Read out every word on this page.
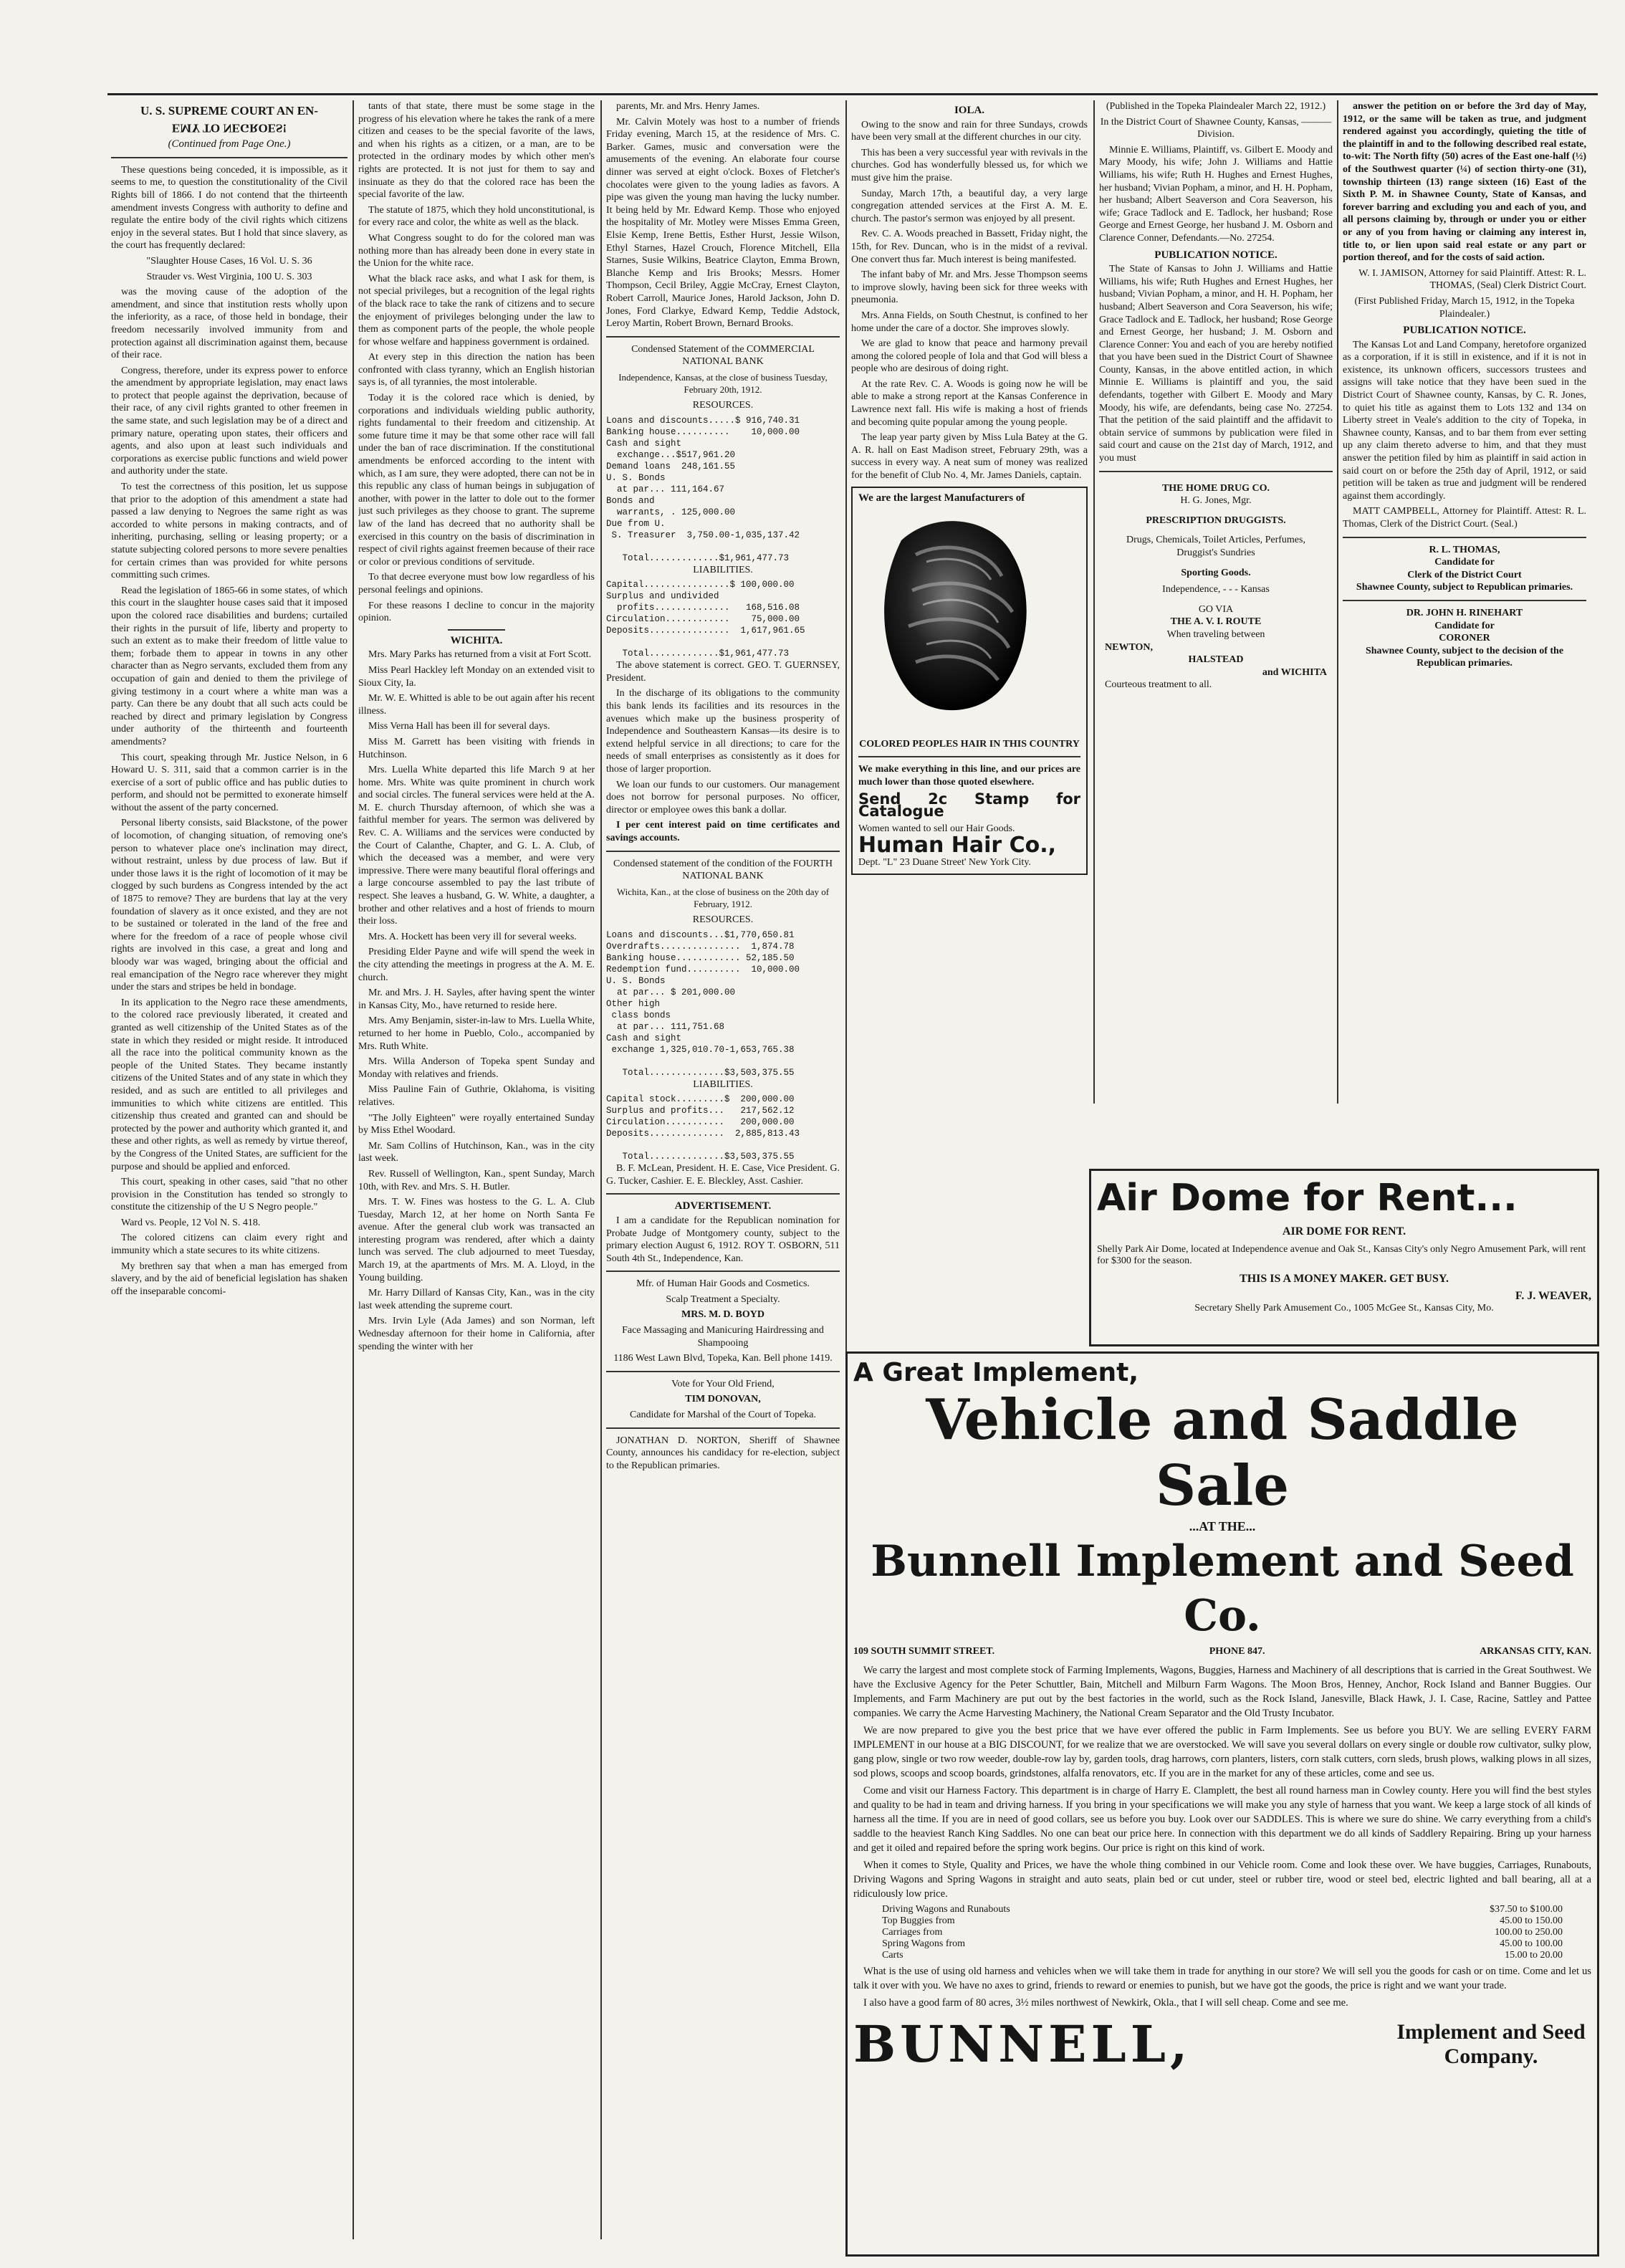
U. S. SUPREME COURT AN EN-
EMY TO NEGROES!
(Continued from Page One.)

These questions being conceded, it is impossible, as it seems to me, to question the constitutionality of the Civil Rights bill of 1866. I do not contend that the thirteenth amendment invests Congress with authority to define and regulate the entire body of the civil rights which citizens enjoy in the several states. But I hold that since slavery, as the court has frequently declared:

"Slaughter House Cases, 16 Vol. U. S. 36

Strauder vs. West Virginia, 100 U. S. 303

was the moving cause of the adoption of the amendment, and since that institution rests wholly upon the inferiority, as a race, of those held in bondage, their freedom necessarily involved immunity from and protection against all discrimination against them, because of their race.

Congress, therefore, under its express power to enforce the amendment by appropriate legislation, may enact laws to protect that people against the deprivation, because of their race, of any civil rights granted to other freemen in the same state, and such legislation may be of a direct and primary nature, operating upon states, their officers and agents, and also upon at least such individuals and corporations as exercise public functions and wield power and authority under the state.

To test the correctness of this position, let us suppose that prior to the adoption of this amendment a state had passed a law denying to Negroes the same right as was accorded to white persons in making contracts, and of inheriting, purchasing, selling or leasing property; or a statute subjecting colored persons to more severe penalties for certain crimes than was provided for white persons committing such crimes.

Read the legislation of 1865-66 in some states, of which this court in the slaughter house cases said that it imposed upon the colored race disabilities and burdens; curtailed their rights in the pursuit of life, liberty and property to such an extent as to make their freedom of little value to them; forbade them to appear in towns in any other character than as Negro servants, excluded them from any occupation of gain and denied to them the privilege of giving testimony in a court where a white man was a party. Can there be any doubt that all such acts could be reached by direct and primary legislation by Congress under authority of the thirteenth and fourteenth amendments?

This court, speaking through Mr. Justice Nelson, in 6 Howard U. S. 311, said that a common carrier is in the exercise of a sort of public office and has public duties to perform, and should not be permitted to exonerate himself without the assent of the party concerned.

Personal liberty consists, said Blackstone, of the power of locomotion, of changing situation, of removing one's person to whatever place one's inclination may direct, without restraint, unless by due process of law. But if under those laws it is the right of locomotion of it may be clogged by such burdens as Congress intended by the act of 1875 to remove? They are burdens that lay at the very foundation of slavery as it once existed, and they are not to be sustained or tolerated in the land of the free and where for the freedom of a race of people whose civil rights are involved in this case, a great and long and bloody war was waged, bringing about the official and real emancipation of the Negro race wherever they might under the stars and stripes be held in bondage.

In its application to the Negro race these amendments, to the colored race previously liberated, it created and granted as well citizenship of the United States as of the state in which they resided or might reside. It introduced all the race into the political community known as the people of the United States. They became instantly citizens of the United States and of any state in which they resided, and as such are entitled to all privileges and immunities to which white citizens are entitled. This citizenship thus created and granted can and should be protected by the power and authority which granted it, and these and other rights, as well as remedy by virtue thereof, by the Congress of the United States, are sufficient for the purpose and should be applied and enforced.

This court, speaking in other cases, said "that no other provision in the Constitution has tended so strongly to constitute the citizenship of the U S Negro people."

Ward vs. People, 12 Vol N. S. 418.

The colored citizens can claim every right and immunity which a state secures to its white citizens.

My brethren say that when a man has emerged from slavery, and by the aid of beneficial legislation has shaken off the inseparable concomi-

tants of that state, there must be some stage in the progress of his elevation where he takes the rank of a mere citizen and ceases to be the special favorite of the laws, and when his rights as a citizen, or a man, are to be protected in the ordinary modes by which other men's rights are protected. It is not just for them to say and insinuate as they do that the colored race has been the special favorite of the law.

The statute of 1875, which they hold unconstitutional, is for every race and color, the white as well as the black.

What Congress sought to do for the colored man was nothing more than has already been done in every state in the Union for the white race.

What the black race asks, and what I ask for them, is not special privileges, but a recognition of the legal rights of the black race to take the rank of citizens and to secure the enjoyment of privileges belonging under the law to them as component parts of the people, the whole people for whose welfare and happiness government is ordained.

At every step in this direction the nation has been confronted with class tyranny, which an English historian says is, of all tyrannies, the most intolerable.

Today it is the colored race which is denied, by corporations and individuals wielding public authority, rights fundamental to their freedom and citizenship. At some future time it may be that some other race will fall under the ban of race discrimination. If the constitutional amendments be enforced according to the intent with which, as I am sure, they were adopted, there can not be in this republic any class of human beings in subjugation of another, with power in the latter to dole out to the former just such privileges as they choose to grant. The supreme law of the land has decreed that no authority shall be exercised in this country on the basis of discrimination in respect of civil rights against freemen because of their race or color or previous conditions of servitude.

To that decree everyone must bow low regardless of his personal feelings and opinions.

For these reasons I decline to concur in the majority opinion.

WICHITA.

Mrs. Mary Parks has returned from a visit at Fort Scott.

Miss Pearl Hackley left Monday on an extended visit to Sioux City, Ia.

Mr. W. E. Whitted is able to be out again after his recent illness.

Miss Verna Hall has been ill for several days.

Miss M. Garrett has been visiting with friends in Hutchinson.

Mrs. Luella White departed this life March 9 at her home. Mrs. White was quite prominent in church work and social circles. The funeral services were held at the A. M. E. church Thursday afternoon, of which she was a faithful member for years. The sermon was delivered by Rev. C. A. Williams and the services were conducted by the Court of Calanthe, Chapter, and G. L. A. Club, of which the deceased was a member, and were very impressive. There were many beautiful floral offerings and a large concourse assembled to pay the last tribute of respect. She leaves a husband, G. W. White, a daughter, a brother and other relatives and a host of friends to mourn their loss.

Mrs. A. Hockett has been very ill for several weeks.

Presiding Elder Payne and wife will spend the week in the city attending the meetings in progress at the A. M. E. church.

Mr. and Mrs. J. H. Sayles, after having spent the winter in Kansas City, Mo., have returned to reside here.

Mrs. Amy Benjamin, sister-in-law to Mrs. Luella White, returned to her home in Pueblo, Colo., accompanied by Mrs. Ruth White.

Mrs. Willa Anderson of Topeka spent Sunday and Monday with relatives and friends.

Miss Pauline Fain of Guthrie, Oklahoma, is visiting relatives.

"The Jolly Eighteen" were royally entertained Sunday by Miss Ethel Woodard.

Mr. Sam Collins of Hutchinson, Kan., was in the city last week.

Rev. Russell of Wellington, Kan., spent Sunday, March 10th, with Rev. and Mrs. S. H. Butler.

Mrs. T. W. Fines was hostess to the G. L. A. Club Tuesday, March 12, at her home on North Santa Fe avenue. After the general club work was transacted an interesting program was rendered, after which a dainty lunch was served. The club adjourned to meet Tuesday, March 19, at the apartments of Mrs. M. A. Lloyd, in the Young building.

Mr. Harry Dillard of Kansas City, Kan., was in the city last week attending the supreme court.

Mrs. Irvin Lyle (Ada James) and son Norman, left Wednesday afternoon for their home in California, after spending the winter with her

parents, Mr. and Mrs. Henry James.

Mr. Calvin Motely was host to a number of friends Friday evening, March 15, at the residence of Mrs. C. Barker. Games, music and conversation were the amusements of the evening. An elaborate four course dinner was served at eight o'clock. Boxes of Fletcher's chocolates were given to the young ladies as favors. A pipe was given the young man having the lucky number. It being held by Mr. Edward Kemp. Those who enjoyed the hospitality of Mr. Motley were Misses Emma Green, Elsie Kemp, Irene Bettis, Esther Hurst, Jessie Wilson, Ethyl Starnes, Hazel Crouch, Florence Mitchell, Ella Starnes, Susie Wilkins, Beatrice Clayton, Emma Brown, Blanche Kemp and Iris Brooks; Messrs. Homer Thompson, Cecil Briley, Aggie McCray, Ernest Clayton, Robert Carroll, Maurice Jones, Harold Jackson, John D. Jones, Ford Clarkye, Edward Kemp, Teddie Adstock, Leroy Martin, Robert Brown, Bernard Brooks.

Condensed Statement of the COMMERCIAL NATIONAL BANK

Independence, Kansas, at the close of business Tuesday, February 20th, 1912.

RESOURCES.

Loans and discounts.....$ 916,740.31
Banking house..........    10,000.00
Cash and sight
exchange...$517,961.20
Demand loans  248,161.55
U. S. Bonds
at par... 111,164.67
Bonds and
warrants, . 125,000.00
Due from U.
S. Treasurer  3,750.00-1,035,137.42

Total.............$1,961,477.73

LIABILITIES.

Capital................$ 100,000.00
Surplus and undivided
profits..............   168,516.08
Circulation............    75,000.00
Deposits...............  1,617,961.65

Total.............$1,961,477.73

The above statement is correct. GEO. T. GUERNSEY, President.

In the discharge of its obligations to the community this bank lends its facilities and its resources in the avenues which make up the business prosperity of Independence and Southeastern Kansas—its desire is to extend helpful service in all directions; to care for the needs of small enterprises as consistently as it does for those of larger proportion.

We loan our funds to our customers. Our management does not borrow for personal purposes. No officer, director or employee owes this bank a dollar.

I per cent interest paid on time certificates and savings accounts.

Condensed statement of the condition of the FOURTH NATIONAL BANK

Wichita, Kan., at the close of business on the 20th day of February, 1912.

RESOURCES.

Loans and discounts...$1,770,650.81
Overdrafts...............  1,874.78
Banking house............ 52,185.50
Redemption fund..........  10,000.00
U. S. Bonds
at par... $ 201,000.00
Other high
class bonds
at par... 111,751.68
Cash and sight
exchange 1,325,010.70-1,653,765.38

Total..............$3,503,375.55

LIABILITIES.

Capital stock.........$  200,000.00
Surplus and profits...   217,562.12
Circulation...........   200,000.00
Deposits..............  2,885,813.43

Total..............$3,503,375.55

B. F. McLean, President. H. E. Case, Vice President. G. G. Tucker, Cashier. E. E. Bleckley, Asst. Cashier.

ADVERTISEMENT.

I am a candidate for the Republican nomination for Probate Judge of Montgomery county, subject to the primary election August 6, 1912. ROY T. OSBORN, 511 South 4th St., Independence, Kan.

Mfr. of Human Hair Goods and Cosmetics.

Scalp Treatment a Specialty.

MRS. M. D. BOYD

Face Massaging and Manicuring Hairdressing and Shampooing

1186 West Lawn Blvd, Topeka, Kan. Bell phone 1419.

Vote for Your Old Friend,

TIM DONOVAN,

Candidate for Marshal of the Court of Topeka.

JONATHAN D. NORTON, Sheriff of Shawnee County, announces his candidacy for re-election, subject to the Republican primaries.

IOLA.

Owing to the snow and rain for three Sundays, crowds have been very small at the different churches in our city.

This has been a very successful year with revivals in the churches. God has wonderfully blessed us, for which we must give him the praise.

Sunday, March 17th, a beautiful day, a very large congregation attended services at the First A. M. E. church. The pastor's sermon was enjoyed by all present.

Rev. C. A. Woods preached in Bassett, Friday night, the 15th, for Rev. Duncan, who is in the midst of a revival. One convert thus far. Much interest is being manifested.

The infant baby of Mr. and Mrs. Jesse Thompson seems to improve slowly, having been sick for three weeks with pneumonia.

Mrs. Anna Fields, on South Chestnut, is confined to her home under the care of a doctor. She improves slowly.

We are glad to know that peace and harmony prevail among the colored people of Iola and that God will bless a people who are desirous of doing right.

At the rate Rev. C. A. Woods is going now he will be able to make a strong report at the Kansas Conference in Lawrence next fall. His wife is making a host of friends and becoming quite popular among the young people.

The leap year party given by Miss Lula Batey at the G. A. R. hall on East Madison street, February 29th, was a success in every way. A neat sum of money was realized for the benefit of Club No. 4, Mr. James Daniels, captain.

We are the largest Manufacturers of
COLORED PEOPLES HAIR IN THIS COUNTRY
We make everything in this line, and our prices are much lower than those quoted elsewhere.
Send 2c Stamp for Catalogue
Women wanted to sell our Hair Goods.
Human Hair Co.,
Dept. "L" 23 Duane Street' New York City.

(Published in the Topeka Plaindealer March 22, 1912.)

In the District Court of Shawnee County, Kansas, ——— Division.

Minnie E. Williams, Plaintiff, vs. Gilbert E. Moody and Mary Moody, his wife; John J. Williams and Hattie Williams, his wife; Ruth H. Hughes and Ernest Hughes, her husband; Vivian Popham, a minor, and H. H. Popham, her husband; Albert Seaverson and Cora Seaverson, his wife; Grace Tadlock and E. Tadlock, her husband; Rose George and Ernest George, her husband J. M. Osborn and Clarence Conner, Defendants.—No. 27254.

PUBLICATION NOTICE.

The State of Kansas to John J. Williams and Hattie Williams, his wife; Ruth Hughes and Ernest Hughes, her husband; Vivian Popham, a minor, and H. H. Popham, her husband; Albert Seaverson and Cora Seaverson, his wife; Grace Tadlock and E. Tadlock, her husband; Rose George and Ernest George, her husband; J. M. Osborn and Clarence Conner: You and each of you are hereby notified that you have been sued in the District Court of Shawnee County, Kansas, in the above entitled action, in which Minnie E. Williams is plaintiff and you, the said defendants, together with Gilbert E. Moody and Mary Moody, his wife, are defendants, being case No. 27254. That the petition of the said plaintiff and the affidavit to obtain service of summons by publication were filed in said court and cause on the 21st day of March, 1912, and you must

THE HOME DRUG CO.
H. G. Jones, Mgr.
PRESCRIPTION DRUGGISTS.
Drugs, Chemicals, Toilet Articles, Perfumes, Druggist's Sundries
Sporting Goods.
Independence, - - - Kansas
GO VIA
THE A. V. I. ROUTE
When traveling between
NEWTON,
HALSTEAD
and WICHITA
Courteous treatment to all.

answer the petition on or before the 3rd day of May, 1912, or the same will be taken as true, and judgment rendered against you accordingly, quieting the title of the plaintiff in and to the following described real estate, to-wit: The North fifty (50) acres of the East one-half (½) of the Southwest quarter (¼) of section thirty-one (31), township thirteen (13) range sixteen (16) East of the Sixth P. M. in Shawnee County, State of Kansas, and forever barring and excluding you and each of you, and all persons claiming by, through or under you or either or any of you from having or claiming any interest in, title to, or lien upon said real estate or any part or portion thereof, and for the costs of said action.

W. I. JAMISON, Attorney for said Plaintiff. Attest: R. L. THOMAS, (Seal) Clerk District Court.

(First Published Friday, March 15, 1912, in the Topeka Plaindealer.)

PUBLICATION NOTICE.

The Kansas Lot and Land Company, heretofore organized as a corporation, if it is still in existence, and if it is not in existence, its unknown officers, successors trustees and assigns will take notice that they have been sued in the District Court of Shawnee county, Kansas, by C. R. Jones, to quiet his title as against them to Lots 132 and 134 on Liberty street in Veale's addition to the city of Topeka, in Shawnee county, Kansas, and to bar them from ever setting up any claim thereto adverse to him, and that they must answer the petition filed by him as plaintiff in said action in said court on or before the 25th day of April, 1912, or said petition will be taken as true and judgment will be rendered against them accordingly.

MATT CAMPBELL, Attorney for Plaintiff. Attest: R. L. Thomas, Clerk of the District Court. (Seal.)

R. L. THOMAS,
Candidate for
Clerk of the District Court
Shawnee County, subject to Republican primaries.
DR. JOHN H. RINEHART
Candidate for
CORONER
Shawnee County, subject to the decision of the Republican primaries.
Air Dome for Rent...
AIR DOME FOR RENT.
Shelly Park Air Dome, located at Independence avenue and Oak St., Kansas City's only Negro Amusement Park, will rent for $300 for the season.
THIS IS A MONEY MAKER. GET BUSY.
F. J. WEAVER,
Secretary Shelly Park Amusement Co., 1005 McGee St., Kansas City, Mo.
A Great Implement,
Vehicle and Saddle Sale
...AT THE...
Bunnell Implement and Seed Co.
109 SOUTH SUMMIT STREET.	PHONE 847.	ARKANSAS CITY, KAN.

We carry the largest and most complete stock of Farming Implements, Wagons, Buggies, Harness and Machinery of all descriptions that is carried in the Great Southwest. We have the Exclusive Agency for the Peter Schuttler, Bain, Mitchell and Milburn Farm Wagons. The Moon Bros, Henney, Anchor, Rock Island and Banner Buggies. Our Implements, and Farm Machinery are put out by the best factories in the world, such as the Rock Island, Janesville, Black Hawk, J. I. Case, Racine, Sattley and Pattee companies. We carry the Acme Harvesting Machinery, the National Cream Separator and the Old Trusty Incubator.

We are now prepared to give you the best price that we have ever offered the public in Farm Implements. See us before you BUY. We are selling EVERY FARM IMPLEMENT in our house at a BIG DISCOUNT, for we realize that we are overstocked. We will save you several dollars on every single or double row cultivator, sulky plow, gang plow, single or two row weeder, double-row lay by, garden tools, drag harrows, corn planters, listers, corn stalk cutters, corn sleds, brush plows, walking plows in all sizes, sod plows, scoops and scoop boards, grindstones, alfalfa renovators, etc. If you are in the market for any of these articles, come and see us.

Come and visit our Harness Factory. This department is in charge of Harry E. Clamplett, the best all round harness man in Cowley county. Here you will find the best styles and quality to be had in team and driving harness. If you bring in your specifications we will make you any style of harness that you want. We keep a large stock of all kinds of harness all the time. If you are in need of good collars, see us before you buy. Look over our SADDLES. This is where we sure do shine. We carry everything from a child's saddle to the heaviest Ranch King Saddles. No one can beat our price here. In connection with this department we do all kinds of Saddlery Repairing. Bring up your harness and get it oiled and repaired before the spring work begins. Our price is right on this kind of work.

When it comes to Style, Quality and Prices, we have the whole thing combined in our Vehicle room. Come and look these over. We have buggies, Carriages, Runabouts, Driving Wagons and Spring Wagons in straight and auto seats, plain bed or cut under, steel or rubber tire, wood or steel bed, electric lighted and ball bearing, all at a ridiculously low price.

Driving Wagons and Runabouts	$37.50 to $100.00
Top Buggies from	45.00 to 150.00
Carriages from	100.00 to 250.00
Spring Wagons from	45.00 to 100.00
Carts	15.00 to 20.00

What is the use of using old harness and vehicles when we will take them in trade for anything in our store? We will sell you the goods for cash or on time. Come and let us talk it over with you. We have no axes to grind, friends to reward or enemies to punish, but we have got the goods, the price is right and we want your trade.

I also have a good farm of 80 acres, 3½ miles northwest of Newkirk, Okla., that I will sell cheap. Come and see me.

BUNNELL,	Implement and Seed Company.
